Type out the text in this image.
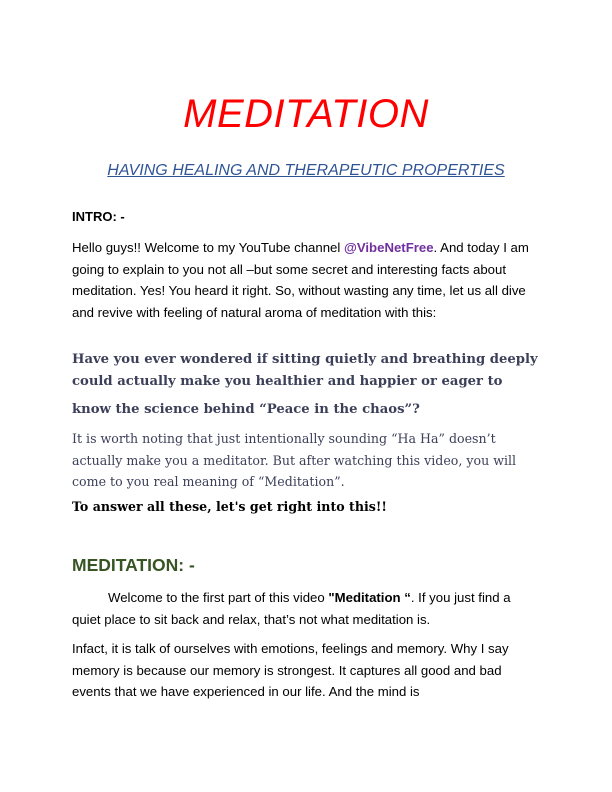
MEDITATION
HAVING HEALING AND THERAPEUTIC PROPERTIES
INTRO: -
Hello guys!! Welcome to my YouTube channel @VibeNetFree. And today I am going to explain to you not all –but some secret and interesting facts about meditation. Yes! You heard it right. So, without wasting any time, let us all dive and revive with feeling of natural aroma of meditation with this:
Have you ever wondered if sitting quietly and breathing deeply could actually make you healthier and happier or eager to
know the science behind “Peace in the chaos”?
It is worth noting that just intentionally sounding “Ha Ha” doesn’t actually make you a meditator. But after watching this video, you will come to you real meaning of “Meditation”.
To answer all these, let's get right into this!!
MEDITATION: -
Welcome to the first part of this video "Meditation “. If you just find a quiet place to sit back and relax, that’s not what meditation is.
Infact, it is talk of ourselves with emotions, feelings and memory. Why I say memory is because our memory is strongest. It captures all good and bad events that we have experienced in our life. And the mind is
